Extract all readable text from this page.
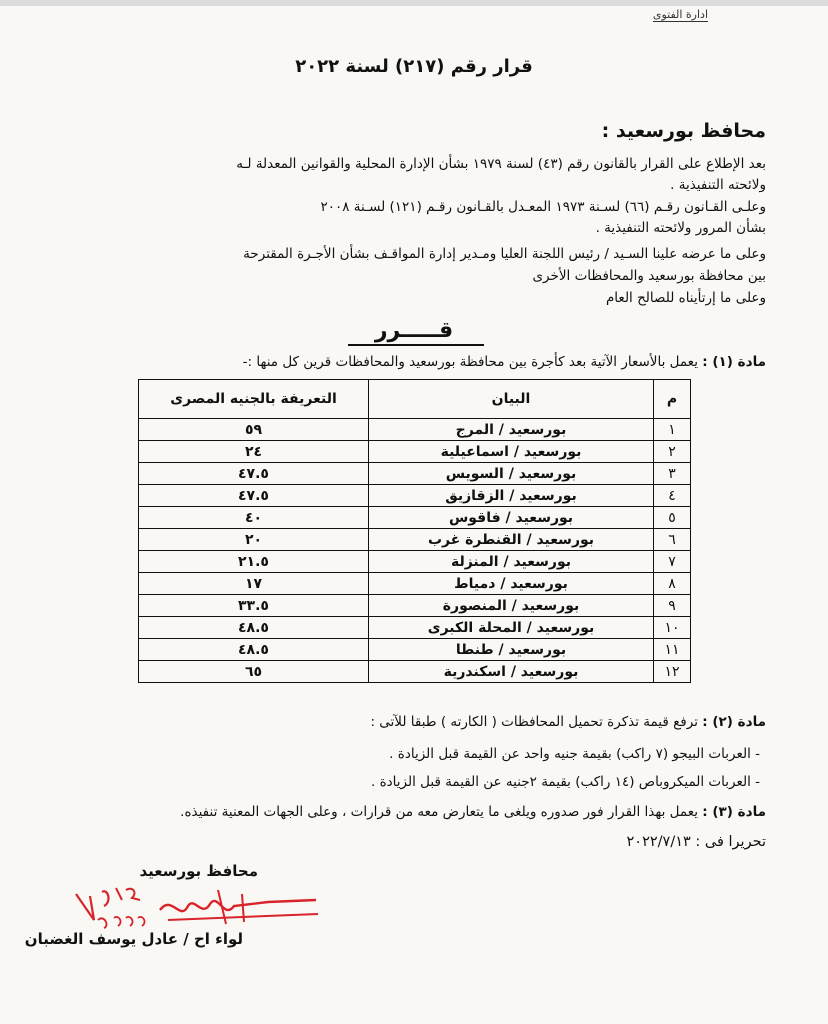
ادارة الفتوى
قرار رقم (٢١٧) لسنة ٢٠٢٢
محافظ بورسعيد :
بعد الإطلاع على القرار بالقانون رقم (٤٣) لسنة ١٩٧٩ بشأن الإدارة المحلية والقوانين المعدلة لـه
ولائحته التنفيذية .
وعلـى القـانون رقـم (٦٦) لسـنة ١٩٧٣ المعـدل بالقـانون رقـم (١٢١) لسـنة ٢٠٠٨
بشأن المرور ولائحته التنفيذية .
وعلى ما عرضه علينا السـيد / رئيس اللجنة العليا ومـدير إدارة المواقـف بشأن الأجـرة المقترحة
بين محافظة بورسعيد والمحافظات الأخرى
وعلى ما إرتأيناه للصالح العام
قـــــرر
مادة (١) : يعمل بالأسعار الآتية بعد كأجرة بين محافظة بورسعيد والمحافظات قرين كل منها :-
م	البيان	التعريفة بالجنيه المصرى
١	بورسعيد / المرج	٥٩
٢	بورسعيد / اسماعيلية	٢٤
٣	بورسعيد / السويس	٤٧.٥
٤	بورسعيد / الزقازيق	٤٧.٥
٥	بورسعيد / فاقوس	٤٠
٦	بورسعيد / القنطرة غرب	٢٠
٧	بورسعيد / المنزلة	٢١.٥
٨	بورسعيد / دمياط	١٧
٩	بورسعيد / المنصورة	٣٣.٥
١٠	بورسعيد / المحلة الكبرى	٤٨.٥
١١	بورسعيد / طنطا	٤٨.٥
١٢	بورسعيد / اسكندرية	٦٥
مادة (٢) : ترفع قيمة تذكرة تحميل المحافظات ( الكارته ) طبقا للآتى :
- العربات البيجو (٧ راكب) بقيمة جنيه واحد عن القيمة قبل الزيادة .
- العربات الميكروباص (١٤ راكب) بقيمة ٢جنيه عن القيمة قبل الزيادة .
مادة (٣) : يعمل بهذا القرار فور صدوره ويلغى ما يتعارض معه من قرارات ، وعلى الجهات المعنية تنفيذه.
تحريرا فى : ٢٠٢٢/٧/١٣
محافظ بورسعيد
لواء اح / عادل يوسف الغضبان
